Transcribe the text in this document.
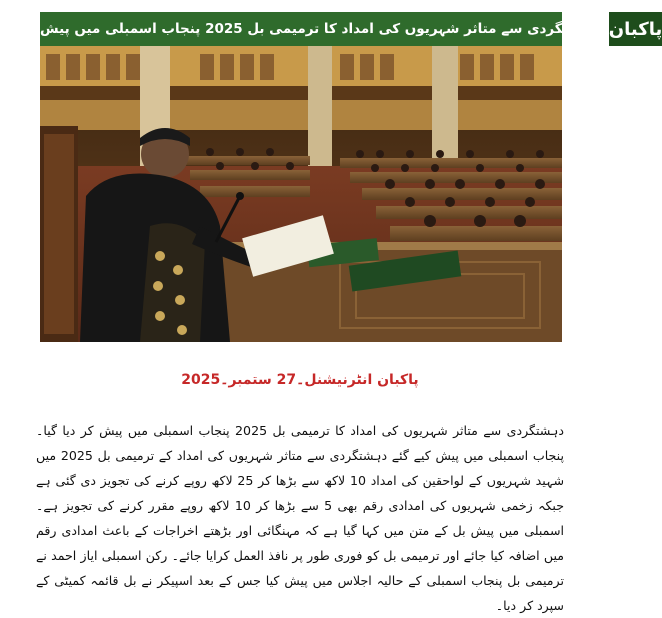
دہشتگردی سے متاثر شہریوں کی امداد کا ترمیمی بل 2025 پنجاب اسمبلی میں پیش پاکبان
پاکبان انٹرنیشنل۔27 ستمبر۔2025
دہشتگردی سے متاثر شہریوں کی امداد کا ترمیمی بل 2025 پنجاب اسمبلی میں پیش کر دیا گیا۔ پنجاب اسمبلی میں پیش کیے گئے دہشتگردی سے متاثر شہریوں کی امداد کے ترمیمی بل 2025 میں شہید شہریوں کے لواحقین کی امداد 10 لاکھ سے بڑھا کر 25 لاکھ روپے کرنے کی تجویز دی گئی ہے جبکہ زخمی شہریوں کی امدادی رقم بھی 5 سے بڑھا کر 10 لاکھ روپے مقرر کرنے کی تجویز ہے۔ اسمبلی میں پیش بل کے متن میں کہا گیا ہے کہ مہنگائی اور بڑھتے اخراجات کے باعث امدادی رقم میں اضافہ کیا جائے اور ترمیمی بل کو فوری طور پر نافذ العمل کرایا جائے۔ رکن اسمبلی ایاز احمد نے ترمیمی بل پنجاب اسمبلی کے حالیہ اجلاس میں پیش کیا جس کے بعد اسپیکر نے بل قائمہ کمیٹی کے سپرد کر دیا۔
